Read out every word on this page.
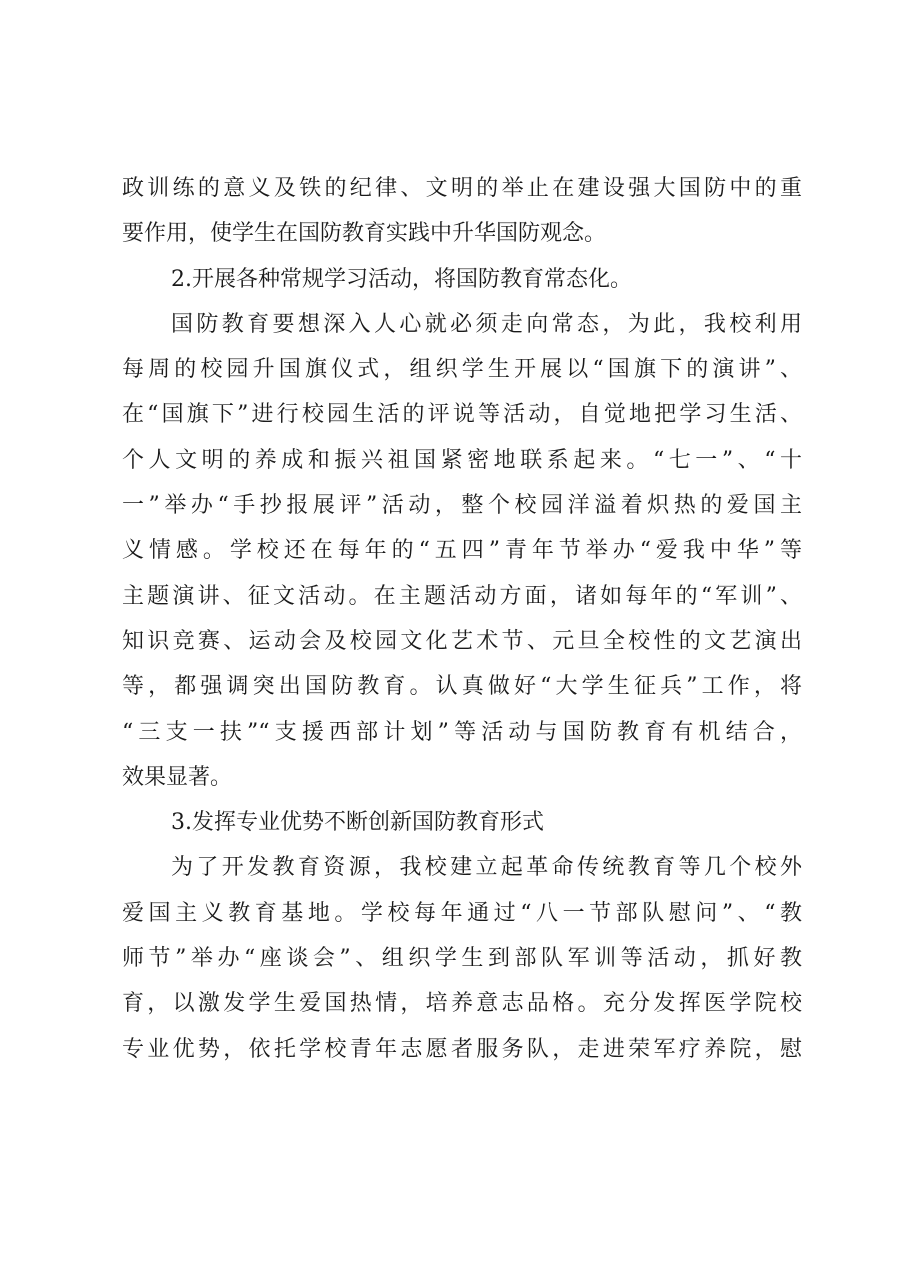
政训练的意义及铁的纪律、文明的举止在建设强大国防中的重
要作用，使学生在国防教育实践中升华国防观念。
2.开展各种常规学习活动，将国防教育常态化。
国防教育要想深入人心就必须走向常态，为此，我校利用
每周的校园升国旗仪式，组织学生开展以“国旗下的演讲”、
在“国旗下”进行校园生活的评说等活动，自觉地把学习生活、
个人文明的养成和振兴祖国紧密地联系起来。“七一”、“十
一”举办“手抄报展评”活动，整个校园洋溢着炽热的爱国主
义情感。学校还在每年的“五四”青年节举办“爱我中华”等
主题演讲、征文活动。在主题活动方面，诸如每年的“军训”、
知识竞赛、运动会及校园文化艺术节、元旦全校性的文艺演出
等，都强调突出国防教育。认真做好“大学生征兵”工作，将
“三支一扶”“支援西部计划”等活动与国防教育有机结合，
效果显著。
3.发挥专业优势不断创新国防教育形式
为了开发教育资源，我校建立起革命传统教育等几个校外
爱国主义教育基地。学校每年通过“八一节部队慰问”、“教
师节”举办“座谈会”、组织学生到部队军训等活动，抓好教
育，以激发学生爱国热情，培养意志品格。充分发挥医学院校
专业优势，依托学校青年志愿者服务队，走进荣军疗养院，慰
